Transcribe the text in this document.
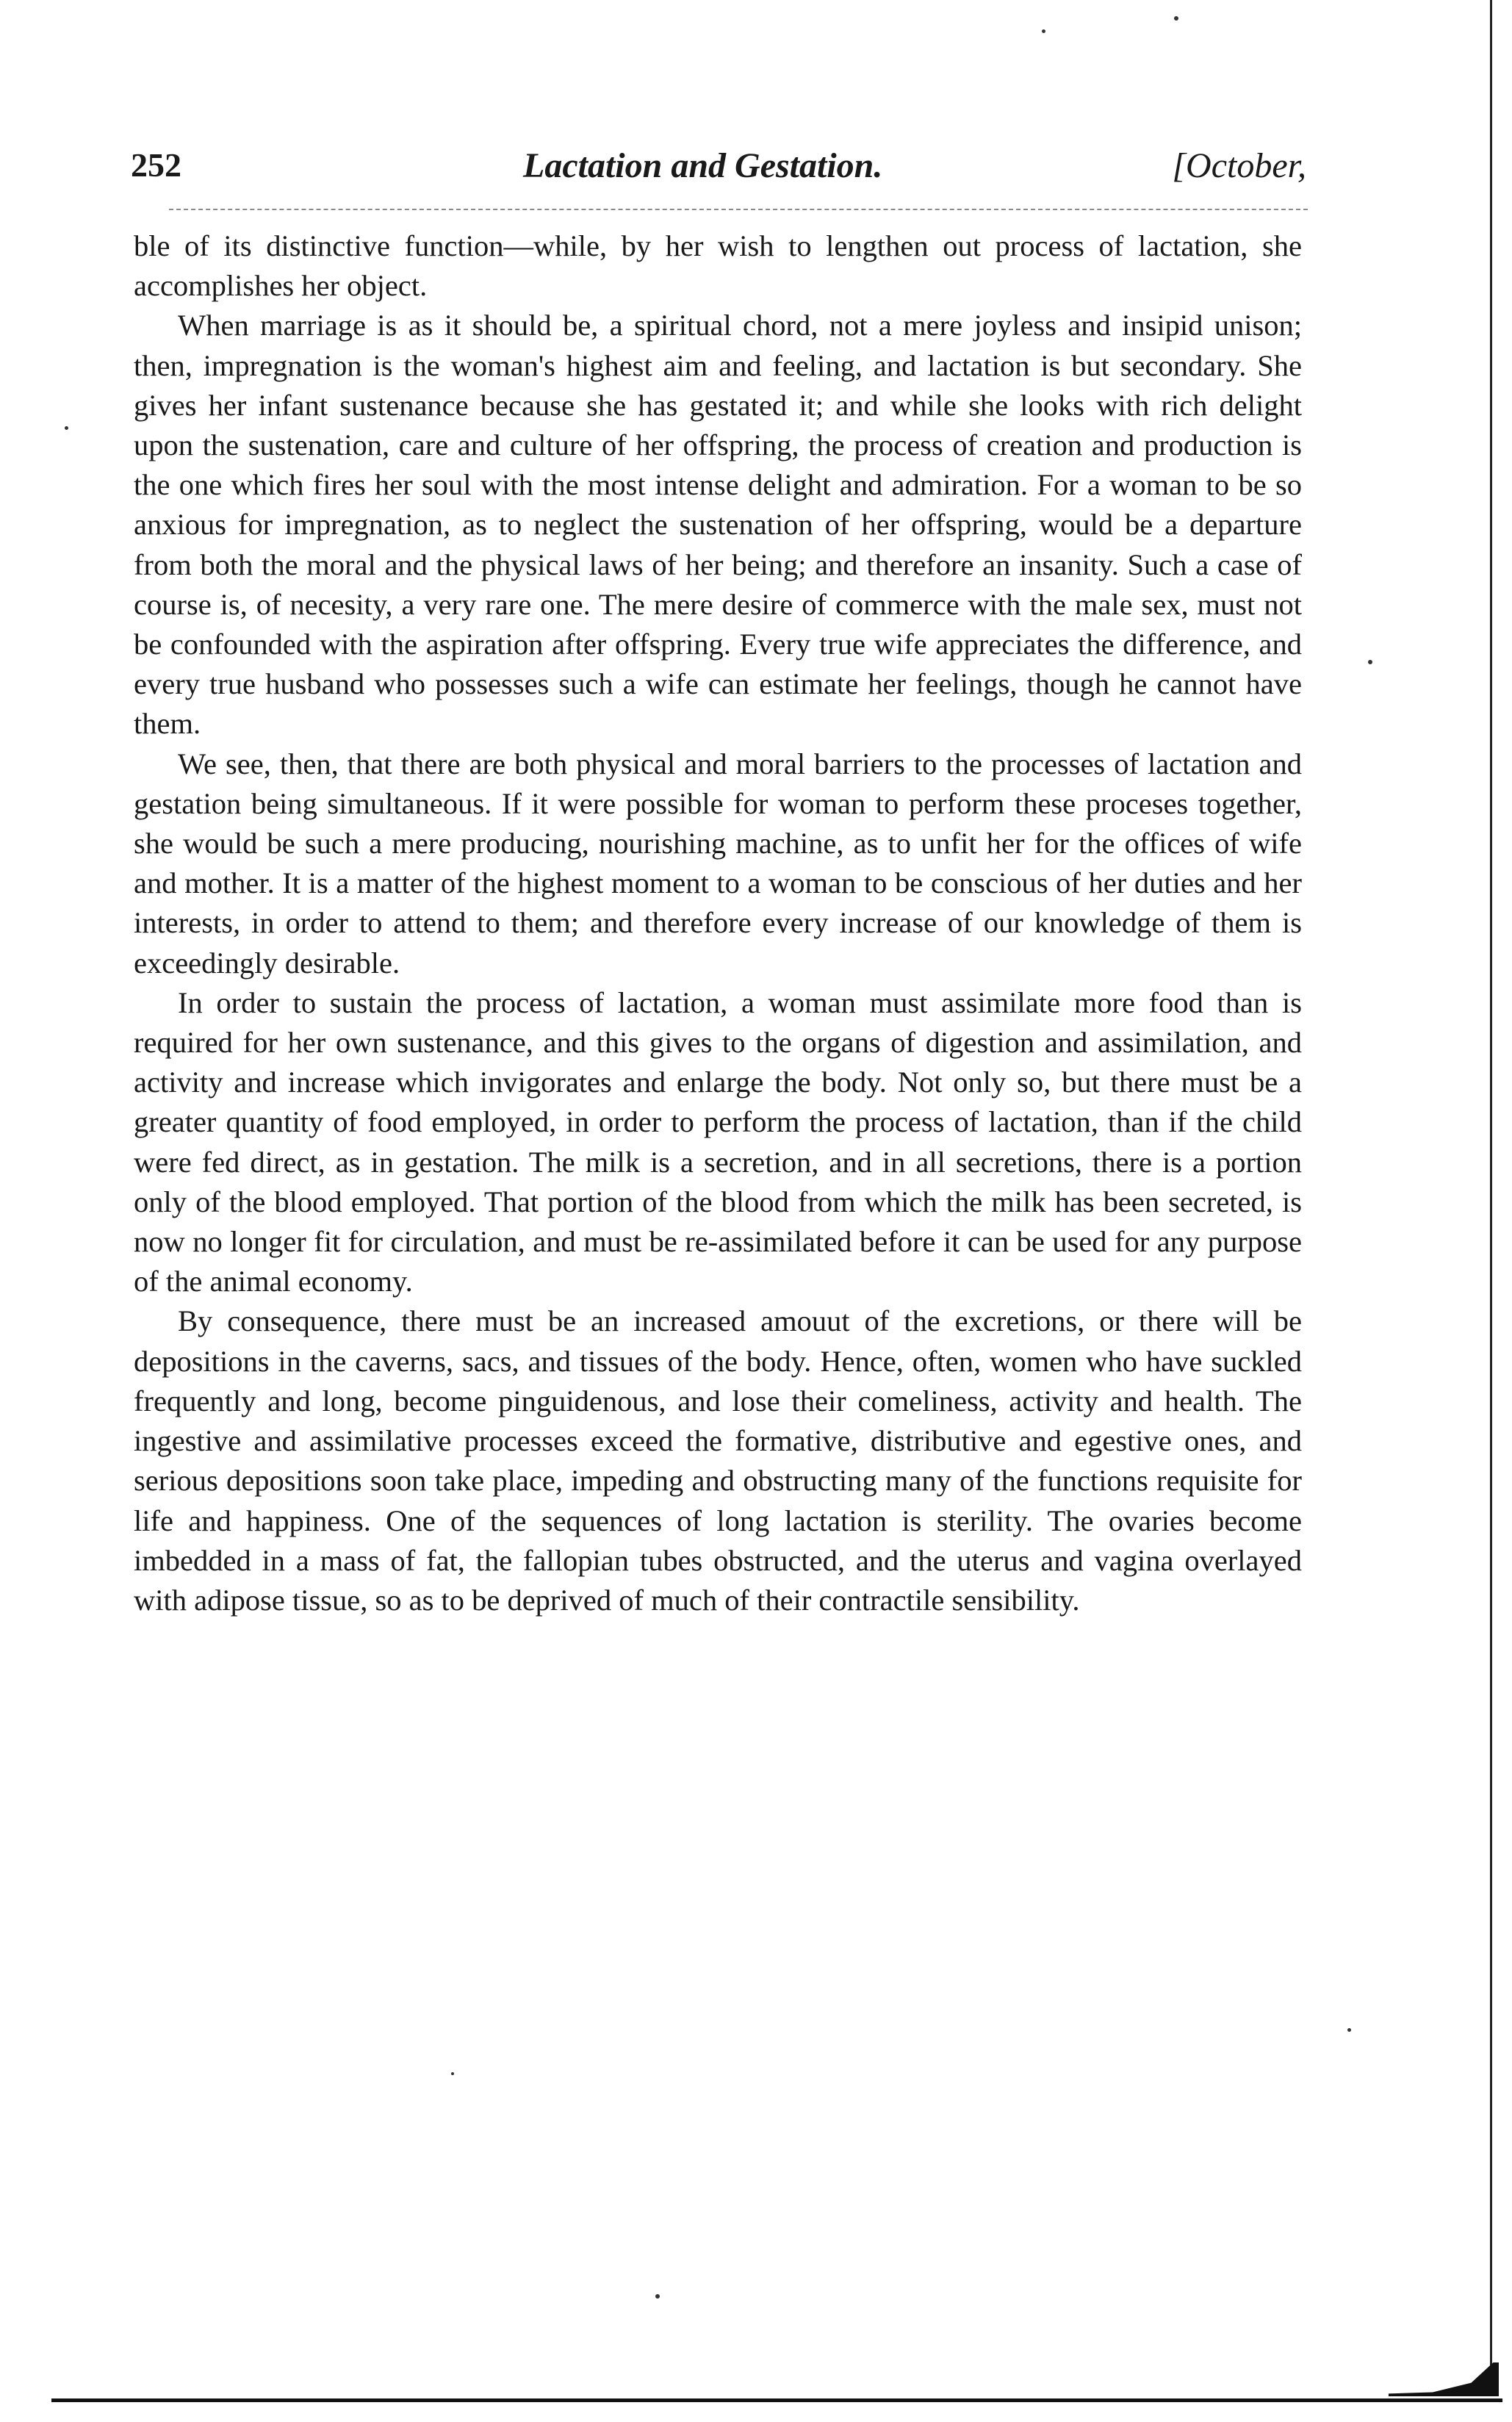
252	Lactation and Gestation.	[October,

ble of its distinctive function—while, by her wish to lengthen out process of lactation, she accomplishes her object.

When marriage is as it should be, a spiritual chord, not a mere joyless and insipid unison; then, impregnation is the woman's highest aim and feeling, and lactation is but secondary. She gives her infant sustenance because she has gestated it; and while she looks with rich delight upon the sustenation, care and culture of her offspring, the process of creation and production is the one which fires her soul with the most intense delight and admiration. For a woman to be so anxious for impregnation, as to neglect the sustenation of her offspring, would be a departure from both the moral and the physical laws of her being; and therefore an insanity. Such a case of course is, of necesity, a very rare one. The mere desire of commerce with the male sex, must not be confounded with the aspiration after offspring. Every true wife appreciates the difference, and every true husband who possesses such a wife can estimate her feelings, though he cannot have them.

We see, then, that there are both physical and moral barriers to the processes of lactation and gestation being simultaneous. If it were possible for woman to perform these proceses together, she would be such a mere producing, nourishing machine, as to unfit her for the offices of wife and mother. It is a matter of the highest moment to a woman to be conscious of her duties and her interests, in order to attend to them; and therefore every increase of our knowledge of them is exceedingly desirable.

In order to sustain the process of lactation, a woman must assimilate more food than is required for her own sustenance, and this gives to the organs of digestion and assimilation, and activity and increase which invigorates and enlarge the body. Not only so, but there must be a greater quantity of food employed, in order to perform the process of lactation, than if the child were fed direct, as in gestation. The milk is a secretion, and in all secretions, there is a portion only of the blood employed. That portion of the blood from which the milk has been secreted, is now no longer fit for circulation, and must be re-assimilated before it can be used for any purpose of the animal economy.

By consequence, there must be an increased amouut of the excretions, or there will be depositions in the caverns, sacs, and tissues of the body. Hence, often, women who have suckled frequently and long, become pinguidenous, and lose their comeliness, activity and health. The ingestive and assimilative processes exceed the formative, distributive and egestive ones, and serious depositions soon take place, impeding and obstructing many of the functions requisite for life and happiness. One of the sequences of long lactation is sterility. The ovaries become imbedded in a mass of fat, the fallopian tubes obstructed, and the uterus and vagina overlayed with adipose tissue, so as to be deprived of much of their contractile sensibility.
